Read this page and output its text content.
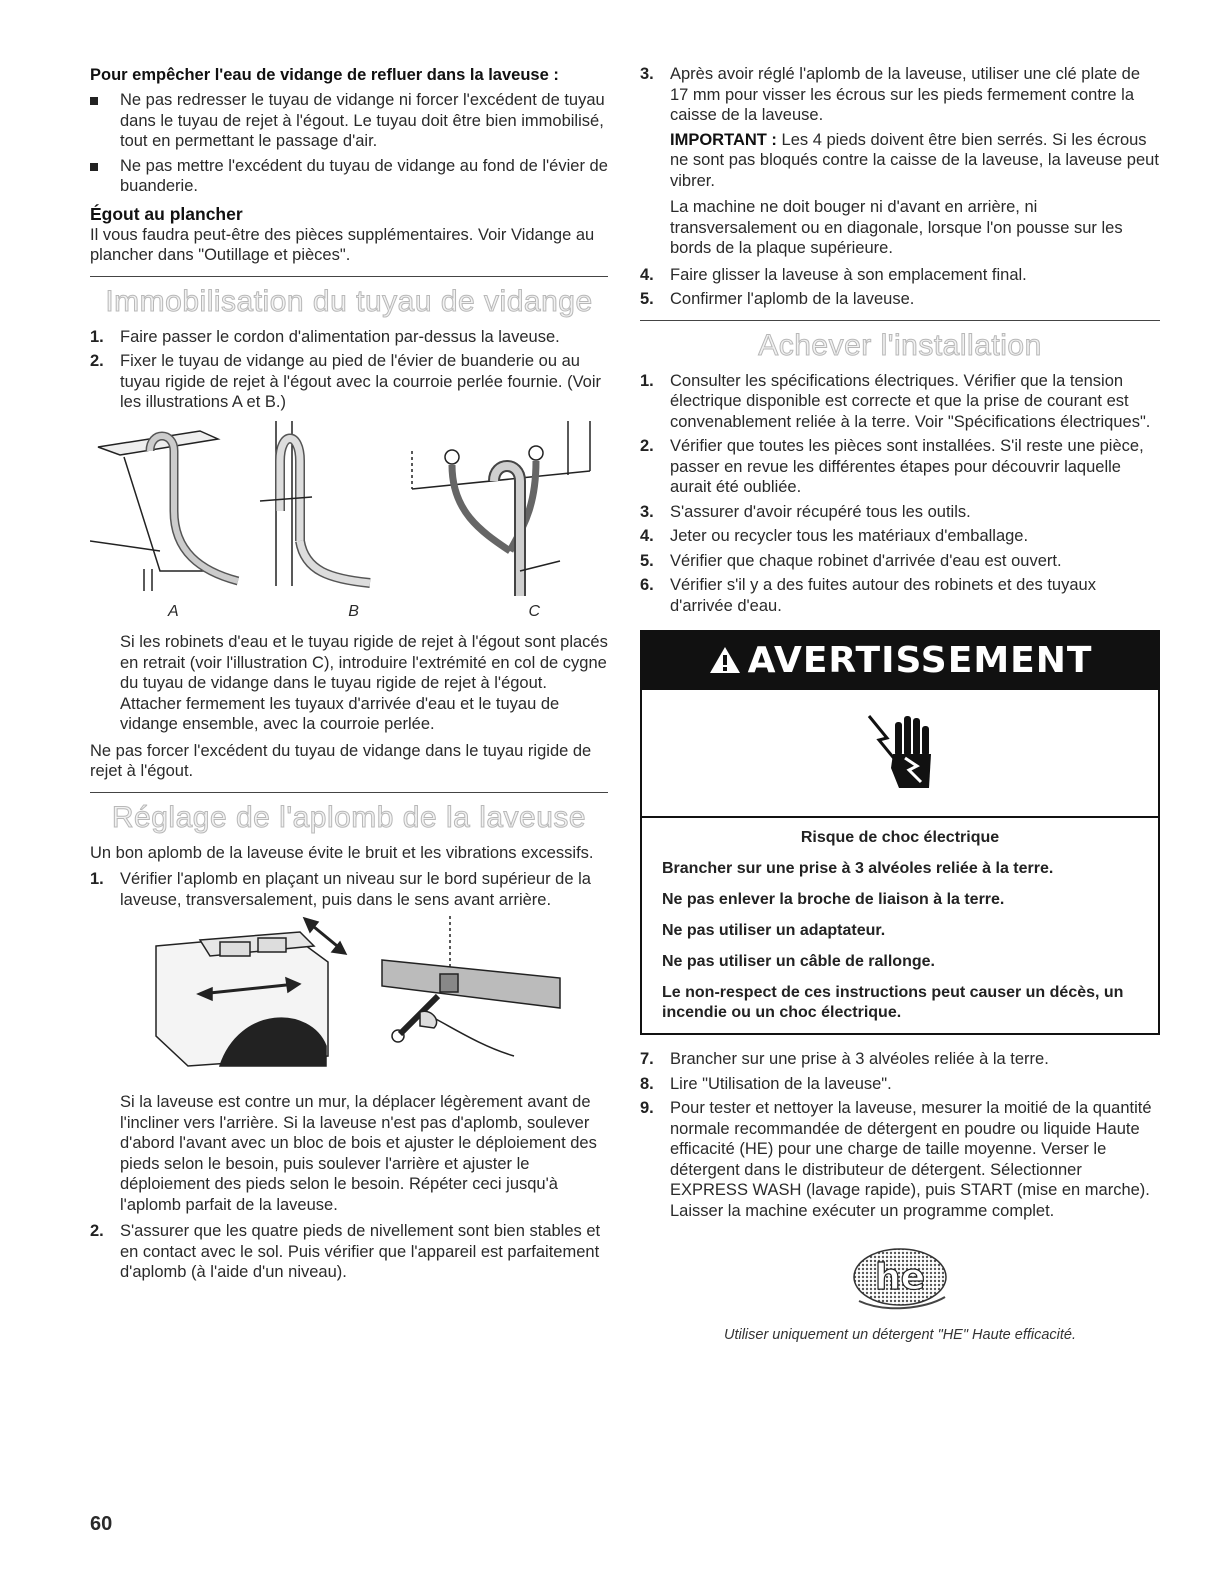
Pour empêcher l'eau de vidange de refluer dans la laveuse :
Ne pas redresser le tuyau de vidange ni forcer l'excédent de tuyau dans le tuyau de rejet à l'égout. Le tuyau doit être bien immobilisé, tout en permettant le passage d'air.
Ne pas mettre l'excédent du tuyau de vidange au fond de l'évier de buanderie.
Égout au plancher

Il vous faudra peut-être des pièces supplémentaires. Voir Vidange au plancher dans "Outillage et pièces".

Immobilisation du tuyau de vidange
1. Faire passer le cordon d'alimentation par-dessus la laveuse.
2. Fixer le tuyau de vidange au pied de l'évier de buanderie ou au tuyau rigide de rejet à l'égout avec la courroie perlée fournie. (Voir les illustrations A et B.)
A	B	C

Si les robinets d'eau et le tuyau rigide de rejet à l'égout sont placés en retrait (voir l'illustration C), introduire l'extrémité en col de cygne du tuyau de vidange dans le tuyau rigide de rejet à l'égout. Attacher fermement les tuyaux d'arrivée d'eau et le tuyau de vidange ensemble, avec la courroie perlée.

Ne pas forcer l'excédent du tuyau de vidange dans le tuyau rigide de rejet à l'égout.

Réglage de l'aplomb de la laveuse

Un bon aplomb de la laveuse évite le bruit et les vibrations excessifs.

1. Vérifier l'aplomb en plaçant un niveau sur le bord supérieur de la laveuse, transversalement, puis dans le sens avant arrière.

Si la laveuse est contre un mur, la déplacer légèrement avant de l'incliner vers l'arrière. Si la laveuse n'est pas d'aplomb, soulever d'abord l'avant avec un bloc de bois et ajuster le déploiement des pieds selon le besoin, puis soulever l'arrière et ajuster le déploiement des pieds selon le besoin. Répéter ceci jusqu'à l'aplomb parfait de la laveuse.

2. S'assurer que les quatre pieds de nivellement sont bien stables et en contact avec le sol. Puis vérifier que l'appareil est parfaitement d'aplomb (à l'aide d'un niveau).
3. Après avoir réglé l'aplomb de la laveuse, utiliser une clé plate de 17 mm pour visser les écrous sur les pieds fermement contre la caisse de la laveuse.

IMPORTANT : Les 4 pieds doivent être bien serrés. Si les écrous ne sont pas bloqués contre la caisse de la laveuse, la laveuse peut vibrer.

La machine ne doit bouger ni d'avant en arrière, ni transversalement ou en diagonale, lorsque l'on pousse sur les bords de la plaque supérieure.

4. Faire glisser la laveuse à son emplacement final.
5. Confirmer l'aplomb de la laveuse.
Achever l'installation
1. Consulter les spécifications électriques. Vérifier que la tension électrique disponible est correcte et que la prise de courant est convenablement reliée à la terre. Voir "Spécifications électriques".
2. Vérifier que toutes les pièces sont installées. S'il reste une pièce, passer en revue les différentes étapes pour découvrir laquelle aurait été oubliée.
3. S'assurer d'avoir récupéré tous les outils.
4. Jeter ou recycler tous les matériaux d'emballage.
5. Vérifier que chaque robinet d'arrivée d'eau est ouvert.
6. Vérifier s'il y a des fuites autour des robinets et des tuyaux d'arrivée d'eau.
AVERTISSEMENT

Risque de choc électrique

Brancher sur une prise à 3 alvéoles reliée à la terre.

Ne pas enlever la broche de liaison à la terre.

Ne pas utiliser un adaptateur.

Ne pas utiliser un câble de rallonge.

Le non-respect de ces instructions peut causer un décès, un incendie ou un choc électrique.

7. Brancher sur une prise à 3 alvéoles reliée à la terre.
8. Lire "Utilisation de la laveuse".
9. Pour tester et nettoyer la laveuse, mesurer la moitié de la quantité normale recommandée de détergent en poudre ou liquide Haute efficacité (HE) pour une charge de taille moyenne. Verser le détergent dans le distributeur de détergent. Sélectionner EXPRESS WASH (lavage rapide), puis START (mise en marche). Laisser la machine exécuter un programme complet.
he

Utiliser uniquement un détergent "HE" Haute efficacité.

60
